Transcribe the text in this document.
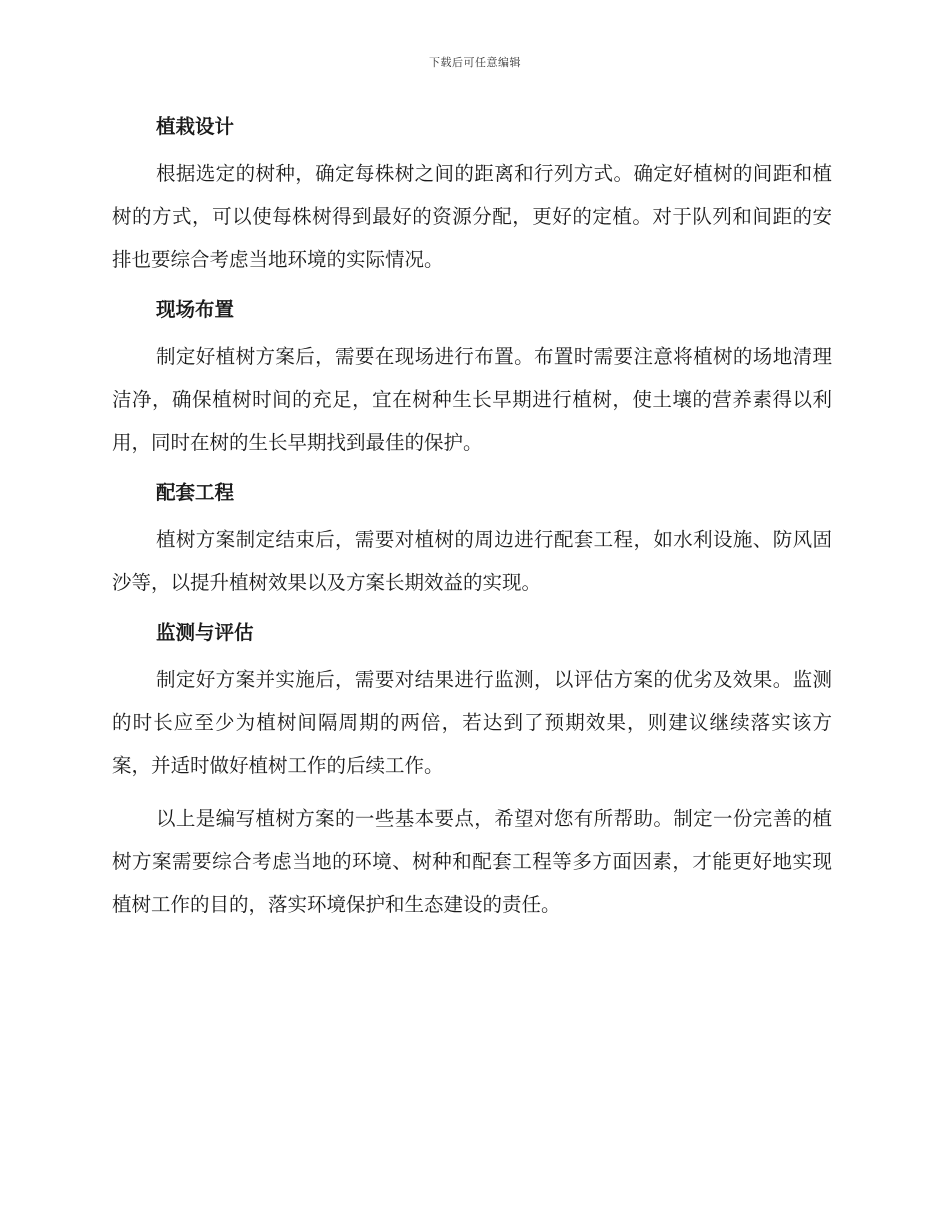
下载后可任意编辑
植栽设计

根据选定的树种，确定每株树之间的距离和行列方式。确定好植树的间距和植树的方式，可以使每株树得到最好的资源分配，更好的定植。对于队列和间距的安排也要综合考虑当地环境的实际情况。

现场布置

制定好植树方案后，需要在现场进行布置。布置时需要注意将植树的场地清理洁净，确保植树时间的充足，宜在树种生长早期进行植树，使土壤的营养素得以利用，同时在树的生长早期找到最佳的保护。

配套工程

植树方案制定结束后，需要对植树的周边进行配套工程，如水利设施、防风固沙等，以提升植树效果以及方案长期效益的实现。

监测与评估

制定好方案并实施后，需要对结果进行监测，以评估方案的优劣及效果。监测的时长应至少为植树间隔周期的两倍，若达到了预期效果，则建议继续落实该方案，并适时做好植树工作的后续工作。

以上是编写植树方案的一些基本要点，希望对您有所帮助。制定一份完善的植树方案需要综合考虑当地的环境、树种和配套工程等多方面因素，才能更好地实现植树工作的目的，落实环境保护和生态建设的责任。
